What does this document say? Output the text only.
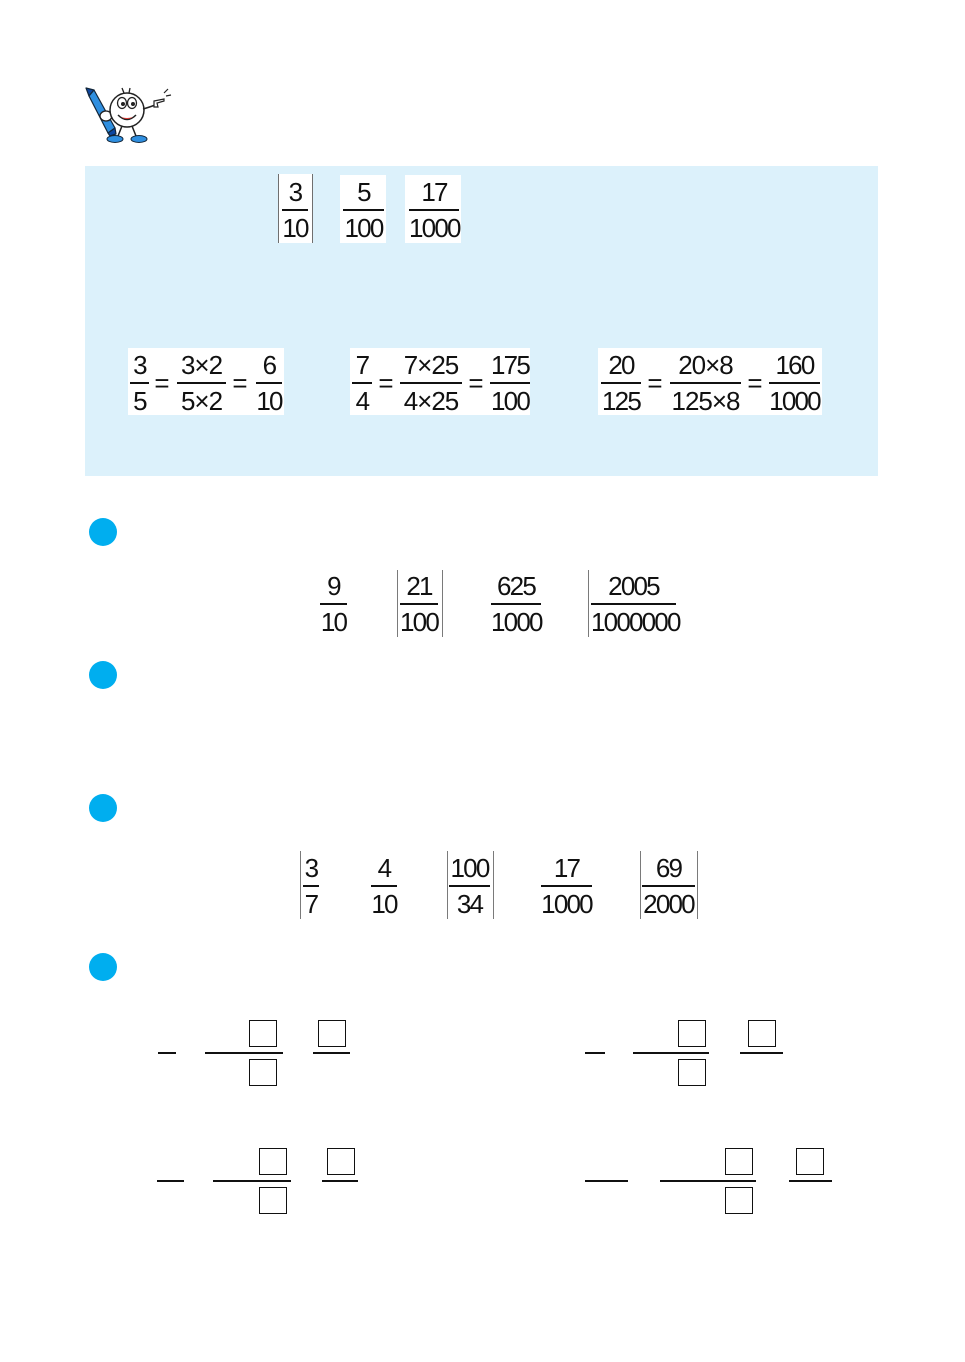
3
10
5
100
17
1000
3
5
=
3×2
5×2
=
6
10
7
4
=
7×25
4×25
=
175
100
20
125
=
20×8
125×8
=
160
1000
9
10
21
100
625
1000
2005
1000000
3
7
4
10
100
34
17
1000
69
2000
